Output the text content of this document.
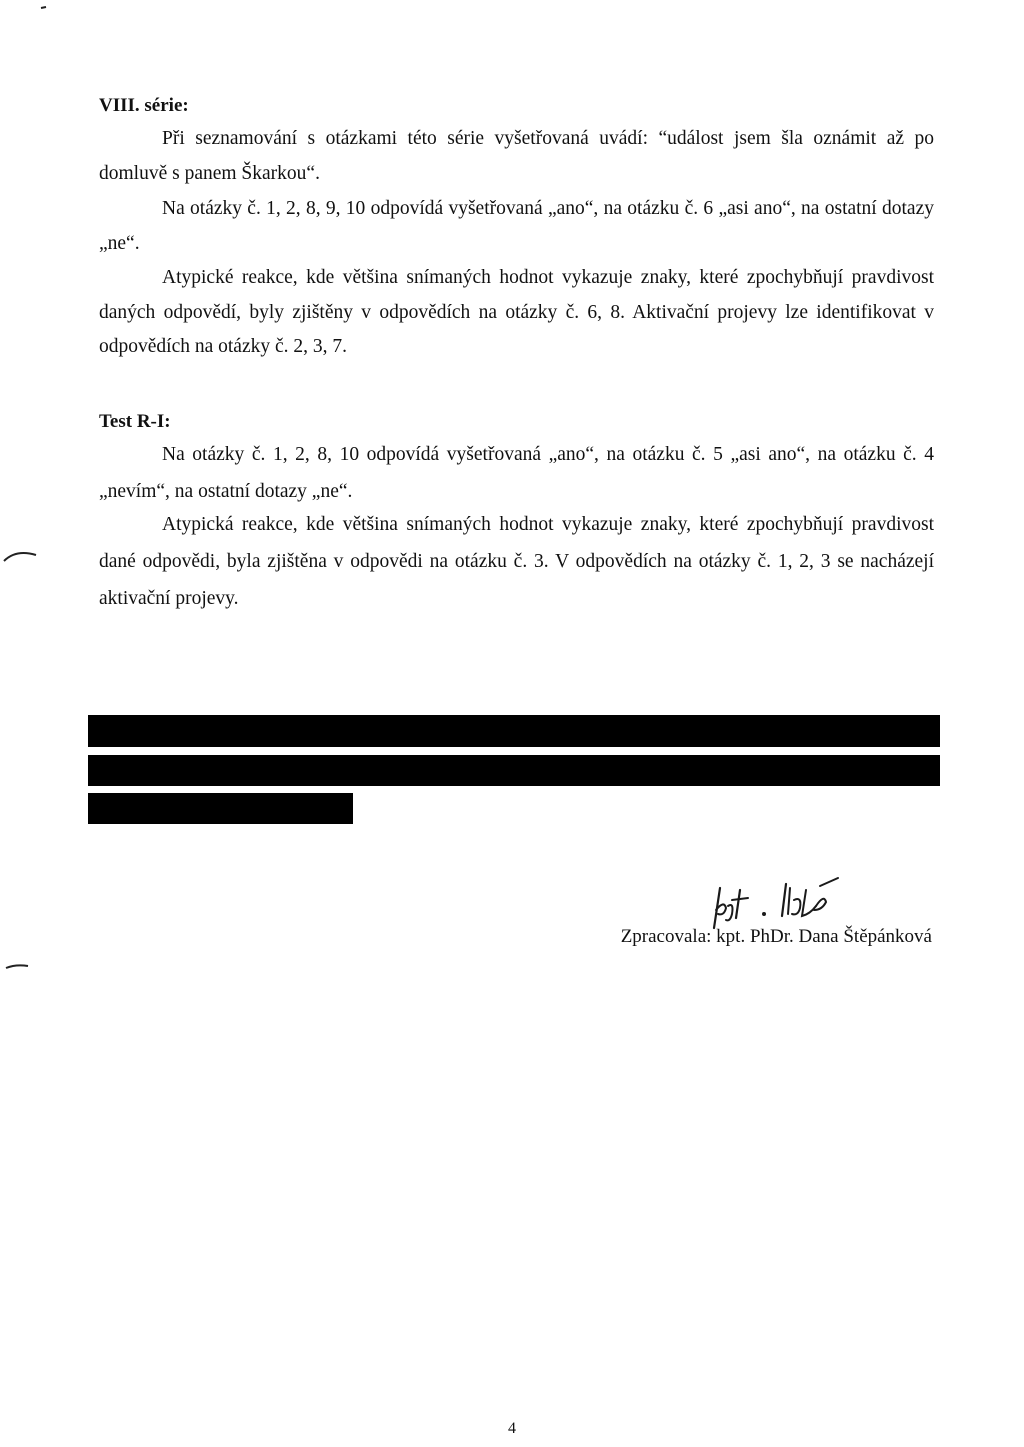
VIII. série:

Při seznamování s otázkami této série vyšetřovaná uvádí: “událost jsem šla oznámit až po domluvě s panem Škarkou“.

Na otázky č. 1, 2, 8, 9, 10 odpovídá vyšetřovaná „ano“, na otázku č. 6 „asi ano“, na ostatní dotazy „ne“.

Atypické reakce, kde většina snímaných hodnot vykazuje znaky, které zpochybňují pravdivost daných odpovědí, byly zjištěny v odpovědích na otázky č. 6, 8. Aktivační projevy lze identifikovat v odpovědích na otázky č. 2, 3, 7.

Test R-I:

Na otázky č. 1, 2, 8, 10 odpovídá vyšetřovaná „ano“, na otázku č. 5 „asi ano“, na otázku č. 4 „nevím“, na ostatní dotazy „ne“.

Atypická reakce, kde většina snímaných hodnot vykazuje znaky, které zpochybňují pravdivost dané odpovědi, byla zjištěna v odpovědi na otázku č. 3. V odpovědích na otázky č. 1, 2, 3 se nacházejí aktivační projevy.

Zpracovala: kpt. PhDr. Dana Štěpánková
4
